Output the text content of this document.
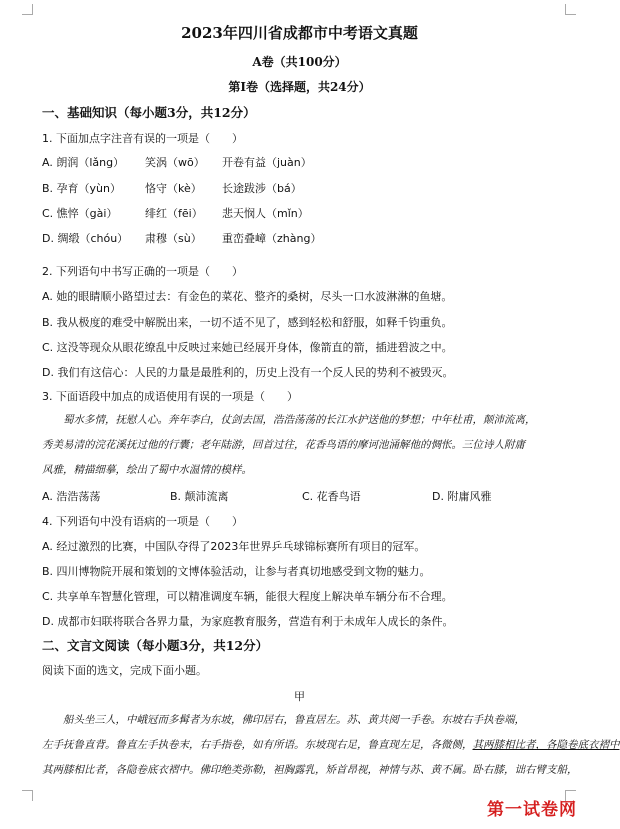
2023年四川省成都市中考语文真题
A卷（共100分）
第Ⅰ卷（选择题，共24分）
一、基础知识（每小题3分，共12分）
1. 下面加点字注音有误的一项是（　　）
A. 朗润（lǎng） 笑涡（wō） 开卷有益（juàn）
B. 孕育（yùn） 恪守（kè） 长途跋涉（bá）
C. 憔悴（gài）	绯红（fēi） 悲天悯人（mǐn）
D. 绸缎（chóu） 肃穆（sù） 重峦叠嶂（zhàng）
2. 下列语句中书写正确的一项是（　　）
A. 她的眼睛顺小路望过去：有金色的菜花、整齐的桑树，尽头一口水波淋淋的鱼塘。
B. 我从极度的难受中解脱出来，一切不适不见了，感到轻松和舒服，如释千钧重负。
C. 这没等现众从眼花缭乱中反映过来她已经展开身体，像箭直的箭，插进碧波之中。
D. 我们有这信心：人民的力量是最胜利的，历史上没有一个反人民的势利不被毁灭。
3. 下面语段中加点的成语使用有误的一项是（　　）
　　蜀水多情，抚慰人心。奔年李白，仗剑去国，浩浩荡荡的长江水护送他的梦想；中年杜甫，颠沛流离，
秀美易清的浣花溪抚过他的行囊；老年陆游，回首过往，花香鸟语的摩诃池涌解他的惆怅。三位诗人附庸
风雅，精描细摹，绘出了蜀中水温情的模样。
A. 浩浩荡荡	B. 颠沛流离	C. 花香鸟语	D. 附庸风雅
4. 下列语句中没有语病的一项是（　　）
A. 经过激烈的比赛，中国队夺得了2023年世界乒乓球锦标赛所有项目的冠军。
B. 四川博物院开展和策划的文博体验活动，让参与者真切地感受到文物的魅力。
C. 共享单车智慧化管理，可以精准调度车辆，能很大程度上解决单车辆分布不合理。
D. 成都市妇联将联合各界力量，为家庭教育服务，营造有利于未成年人成长的条件。
二、文言文阅读（每小题3分，共12分）
阅读下面的选文，完成下面小题。
甲
　　船头坐三人，中峨冠而多髯者为东坡，佛印居右，鲁直居左。苏、黄共阅一手卷。东坡右手执卷端，
左手抚鲁直背。鲁直左手执卷末，右手指卷，如有所语。东坡现右足，鲁直现左足，各微侧，其两膝相比者，各隐卷底衣褶中
其两膝相比者，各隐卷底衣褶中。佛印绝类弥勒，袒胸露乳，矫首昂视，神情与苏、黄不属。卧右膝，诎右臂支船，
第一试卷网
